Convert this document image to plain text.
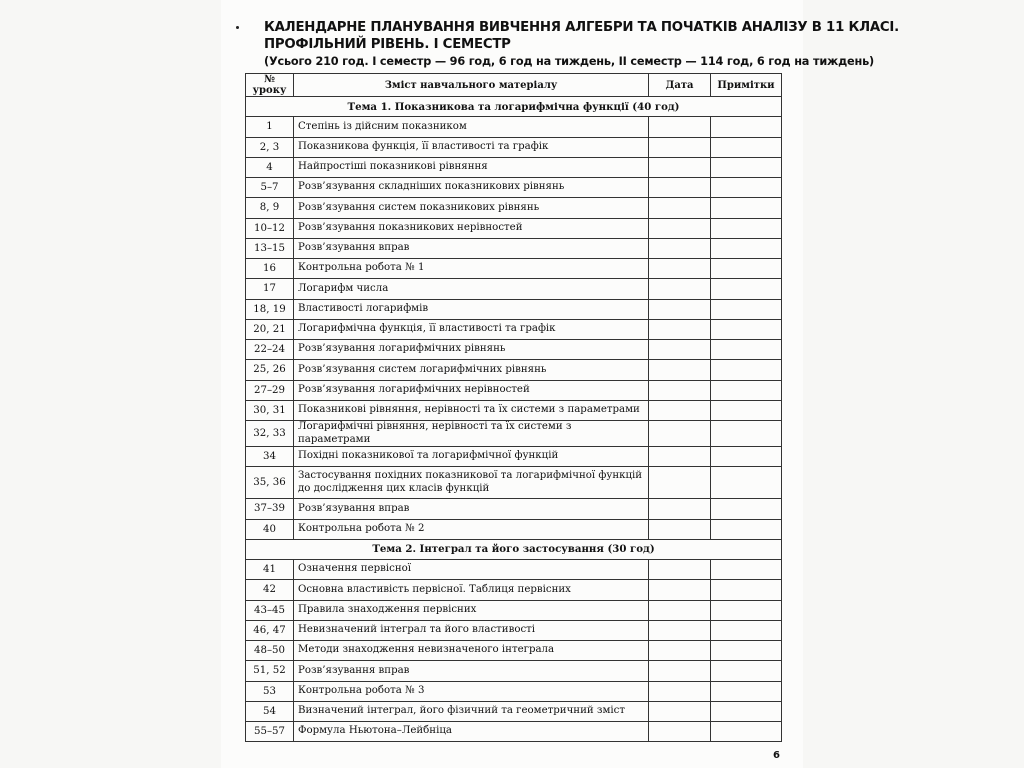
КАЛЕНДАРНЕ ПЛАНУВАННЯ ВИВЧЕННЯ АЛГЕБРИ ТА ПОЧАТКІВ АНАЛІЗУ В 11 КЛАСІ.
ПРОФІЛЬНИЙ РІВЕНЬ. І СЕМЕСТР
(Усього 210 год. І семестр — 96 год, 6 год на тиждень, ІІ семестр — 114 год, 6 год на тиждень)
№ уроку	Зміст навчального матеріалу	Дата	Примітки
Тема 1. Показникова та логарифмічна функції (40 год)			
1	Степінь із дійсним показником		
2, 3	Показникова функція, її властивості та графік		
4	Найпростіші показникові рівняння		
5–7	Розв’язування складніших показникових рівнянь		
8, 9	Розв’язування систем показникових рівнянь		
10–12	Розв’язування показникових нерівностей		
13–15	Розв’язування вправ		
16	Контрольна робота № 1		
17	Логарифм числа		
18, 19	Властивості логарифмів		
20, 21	Логарифмічна функція, її властивості та графік		
22–24	Розв’язування логарифмічних рівнянь		
25, 26	Розв’язування систем логарифмічних рівнянь		
27–29	Розв’язування логарифмічних нерівностей		
30, 31	Показникові рівняння, нерівності та їх системи з параметрами		
32, 33	Логарифмічні рівняння, нерівності та їх системи з параметрами		
34	Похідні показникової та логарифмічної функцій		
35, 36	Застосування похідних показникової та логарифмічної функцій до дослідження цих класів функцій		
37–39	Розв’язування вправ		
40	Контрольна робота № 2		
Тема 2. Інтеграл та його застосування (30 год)			
41	Означення первісної		
42	Основна властивість первісної. Таблиця первісних		
43–45	Правила знаходження первісних		
46, 47	Невизначений інтеграл та його властивості		
48–50	Методи знаходження невизначеного інтеграла		
51, 52	Розв’язування вправ		
53	Контрольна робота № 3		
54	Визначений інтеграл, його фізичний та геометричний зміст		
55–57	Формула Ньютона–Лейбніца		
6
